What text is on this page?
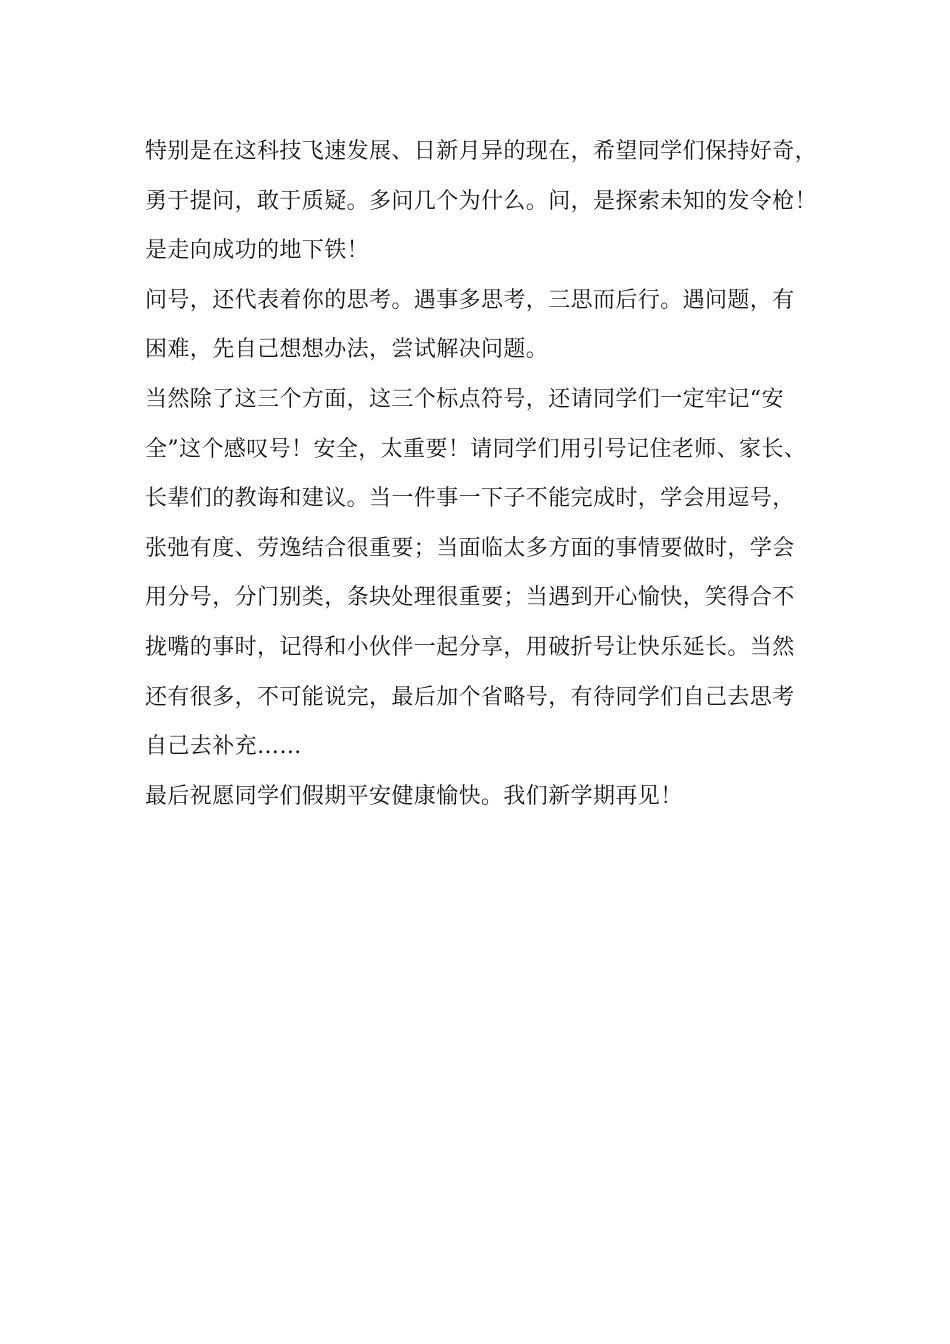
特别是在这科技飞速发展、日新月异的现在，希望同学们保持好奇，
勇于提问，敢于质疑。多问几个为什么。问，是探索未知的发令枪！
是走向成功的地下铁！
问号，还代表着你的思考。遇事多思考，三思而后行。遇问题，有
困难，先自己想想办法，尝试解决问题。
当然除了这三个方面，这三个标点符号，还请同学们一定牢记“安
全”这个感叹号！安全，太重要！请同学们用引号记住老师、家长、
长辈们的教诲和建议。当一件事一下子不能完成时，学会用逗号，
张弛有度、劳逸结合很重要；当面临太多方面的事情要做时，学会
用分号，分门别类，条块处理很重要；当遇到开心愉快，笑得合不
拢嘴的事时，记得和小伙伴一起分享，用破折号让快乐延长。当然
还有很多，不可能说完，最后加个省略号，有待同学们自己去思考
自己去补充……
最后祝愿同学们假期平安健康愉快。我们新学期再见！
